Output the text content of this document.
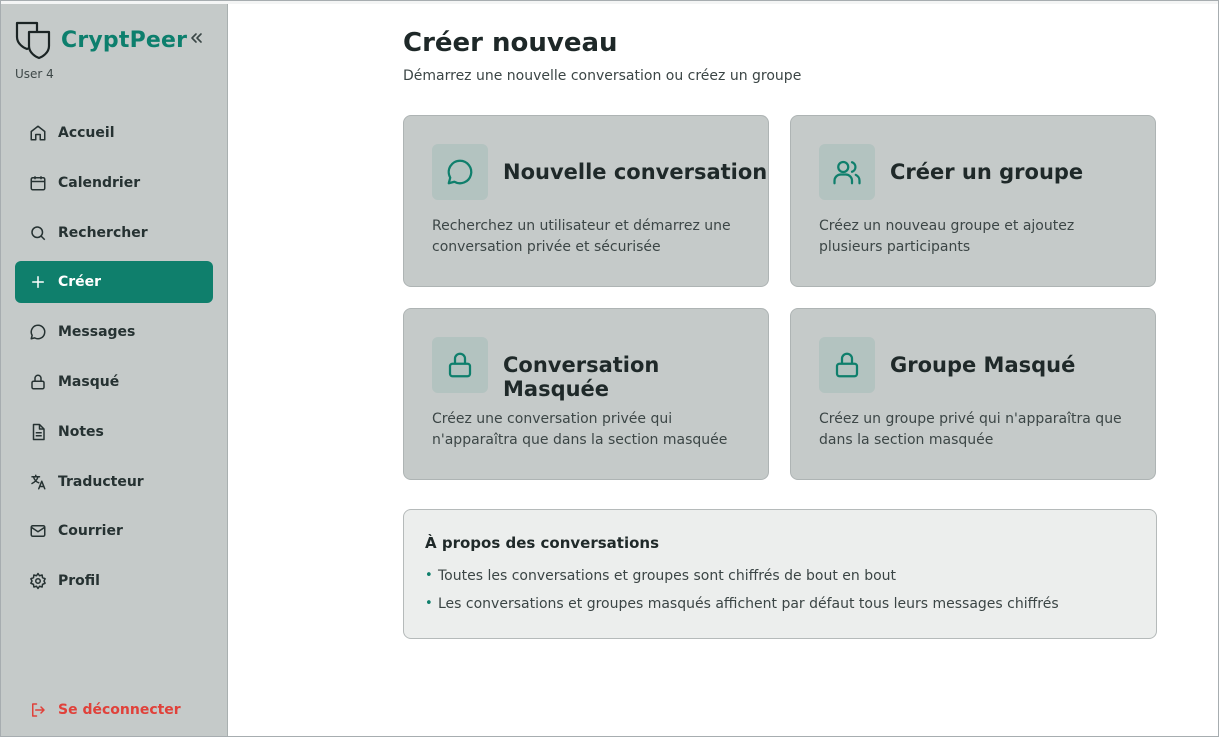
CryptPeer
User 4
Accueil
Calendrier
Rechercher
Créer
Messages
Masqué
Notes
Traducteur
Courrier
Profil
Se déconnecter
Créer nouveau
Démarrez une nouvelle conversation ou créez un groupe
Nouvelle conversation
Recherchez un utilisateur et démarrez une conversation privée et sécurisée
Créer un groupe
Créez un nouveau groupe et ajoutez plusieurs participants
Conversation Masquée
Créez une conversation privée qui n'apparaîtra que dans la section masquée
Groupe Masqué
Créez un groupe privé qui n'apparaîtra que dans la section masquée
À propos des conversations
• Toutes les conversations et groupes sont chiffrés de bout en bout
• Les conversations et groupes masqués affichent par défaut tous leurs messages chiffrés
